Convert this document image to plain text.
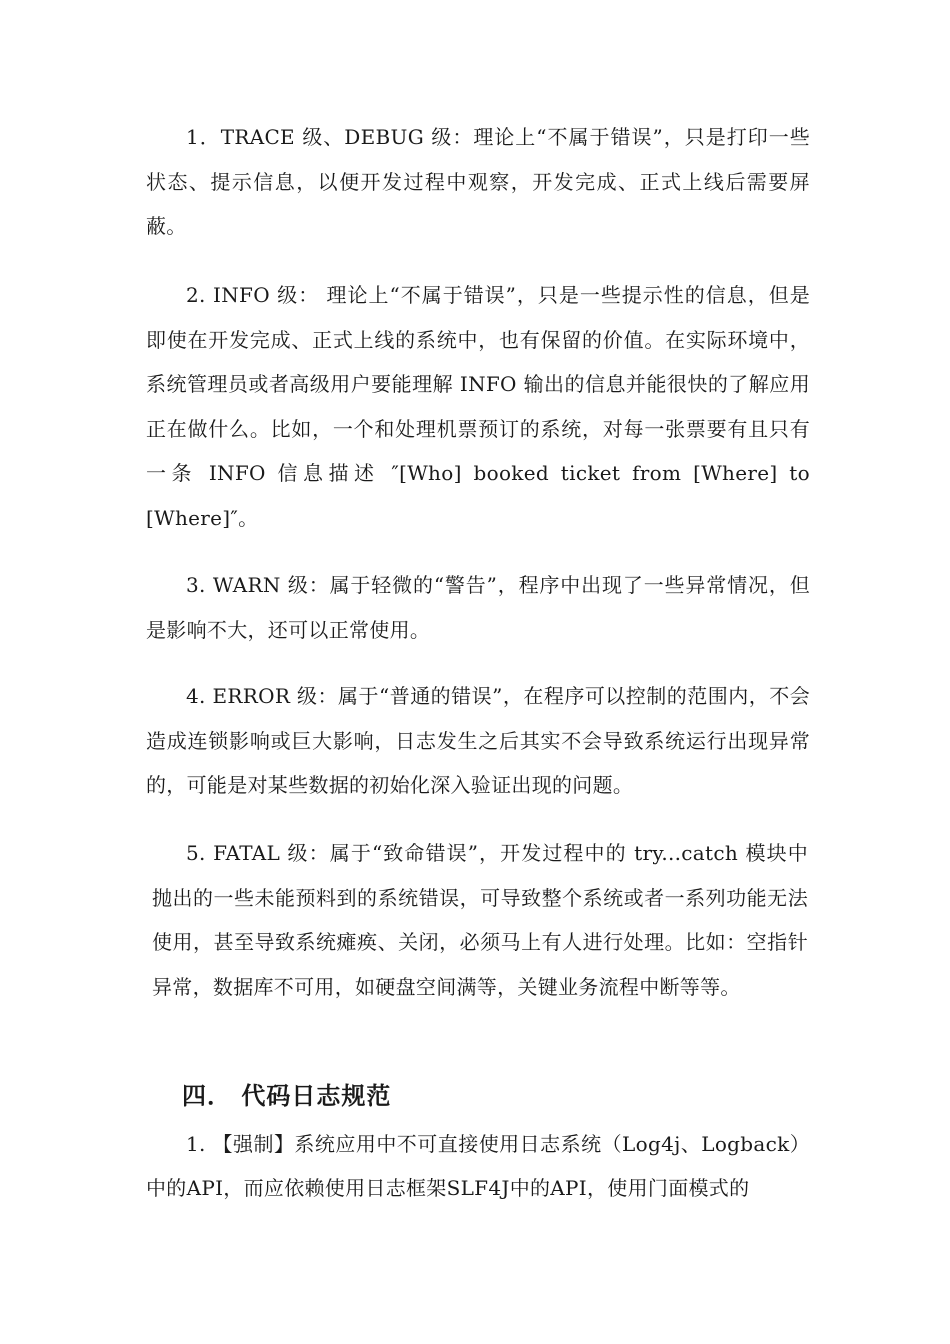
1．TRACE 级、DEBUG 级：理论上“不属于错误”，只是打印一些状态、提示信息，以便开发过程中观察，开发完成、正式上线后需要屏蔽。

2. INFO 级： 理论上“不属于错误”，只是一些提示性的信息，但是即使在开发完成、正式上线的系统中，也有保留的价值。在实际环境中，系统管理员或者高级用户要能理解 INFO 输出的信息并能很快的了解应用正在做什么。比如，一个和处理机票预订的系统，对每一张票要有且只有一条 INFO 信息描述 ″[Who] booked ticket from [Where] to [Where]″。

3. WARN 级：属于轻微的“警告”，程序中出现了一些异常情况，但是影响不大，还可以正常使用。

4. ERROR 级：属于“普通的错误”，在程序可以控制的范围内，不会造成连锁影响或巨大影响，日志发生之后其实不会导致系统运行出现异常的，可能是对某些数据的初始化深入验证出现的问题。

5. FATAL 级：属于“致命错误”，开发过程中的 try...catch 模块中抛出的一些未能预料到的系统错误，可导致整个系统或者一系列功能无法使用，甚至导致系统瘫痪、关闭，必须马上有人进行处理。比如：空指针异常，数据库不可用，如硬盘空间满等，关键业务流程中断等等。

四． 代码日志规范

1. 【强制】系统应用中不可直接使用日志系统（Log4j、Logback）中的API，而应依赖使用日志框架SLF4J中的API，使用门面模式的
